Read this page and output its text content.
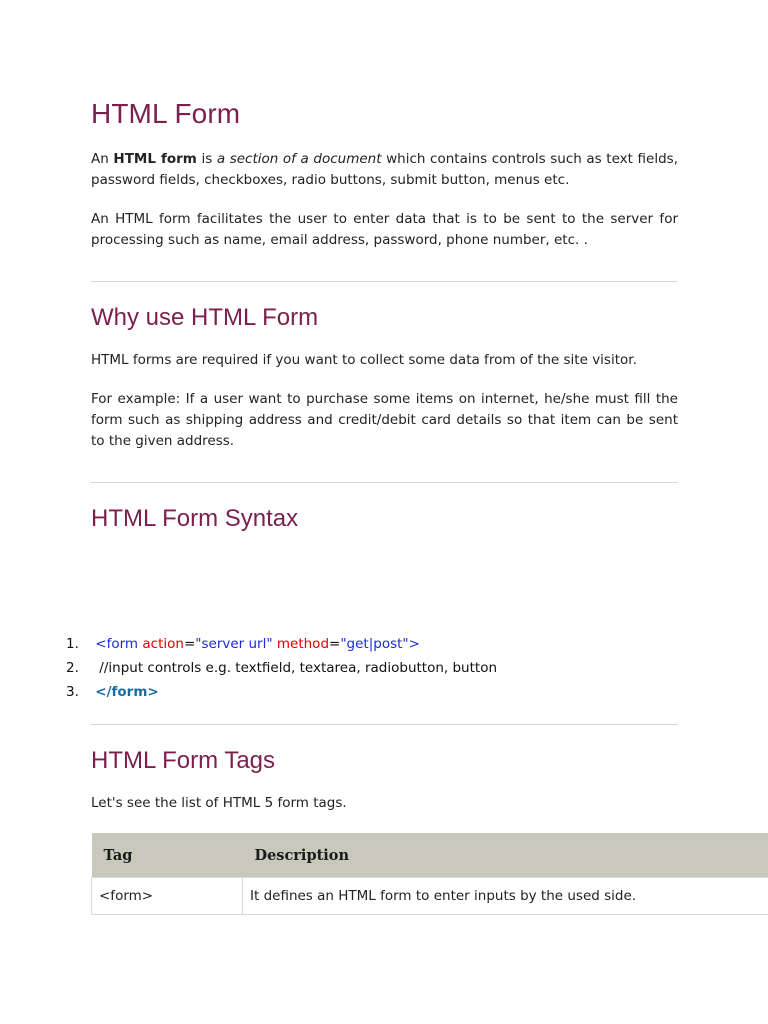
HTML Form

An HTML form is a section of a document which contains controls such as text fields, password fields, checkboxes, radio buttons, submit button, menus etc.

An HTML form facilitates the user to enter data that is to be sent to the server for processing such as name, email address, password, phone number, etc. .

Why use HTML Form

HTML forms are required if you want to collect some data from of the site visitor.

For example: If a user want to purchase some items on internet, he/she must fill the form such as shipping address and credit/debit card details so that item can be sent to the given address.

HTML Form Syntax
1. <form action="server url" method="get|post">
2. //input controls e.g. textfield, textarea, radiobutton, button
3. </form>
HTML Form Tags

Let's see the list of HTML 5 form tags.

Tag	Description
<form>	It defines an HTML form to enter inputs by the used side.
